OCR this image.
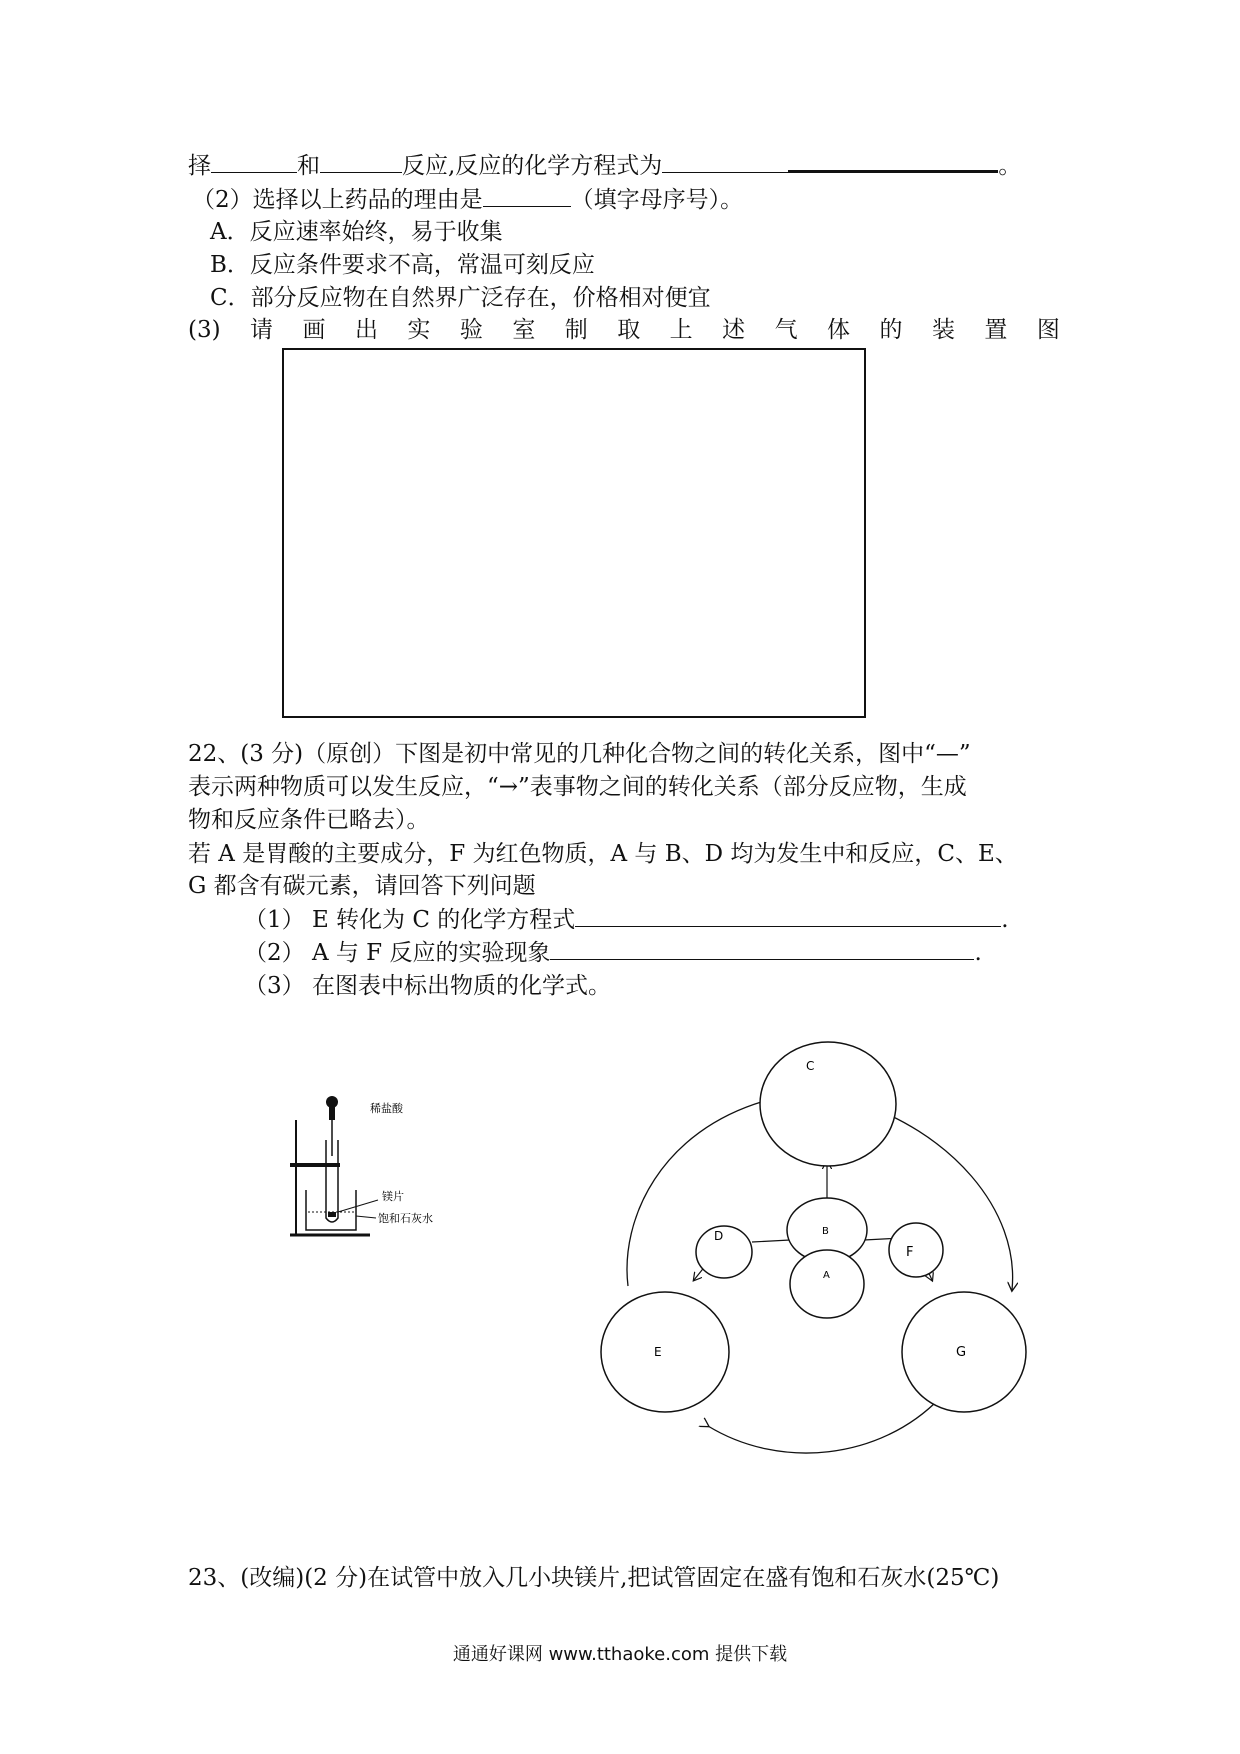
择	和	反应,反应的化学方程式为	。
（2）选择以上药品的理由是	（填字母序号）。
A．反应速率始终，易于收集
B．反应条件要求不高，常温可刻反应
C．部分反应物在自然界广泛存在，价格相对便宜
(3) 请 画 出 实 验 室 制 取 上 述 气 体 的 装 置 图
22、(3 分)（原创）下图是初中常见的几种化合物之间的转化关系，图中“—”
表示两种物质可以发生反应，“→”表事物之间的转化关系（部分反应物，生成
物和反应条件已略去）。
若 A 是胃酸的主要成分，F 为红色物质，A 与 B、D 均为发生中和反应，C、E、
G 都含有碳元素，请回答下列问题
（1） E 转化为 C 的化学方程式	.
（2） A 与 F 反应的实验现象	.
（3） 在图表中标出物质的化学式。
稀盐酸
镁片
饱和石灰水
C
B
A
D
F
E	G
23、(改编)(2 分)在试管中放入几小块镁片,把试管固定在盛有饱和石灰水(25℃)
通通好课网 www.tthaoke.com 提供下载
